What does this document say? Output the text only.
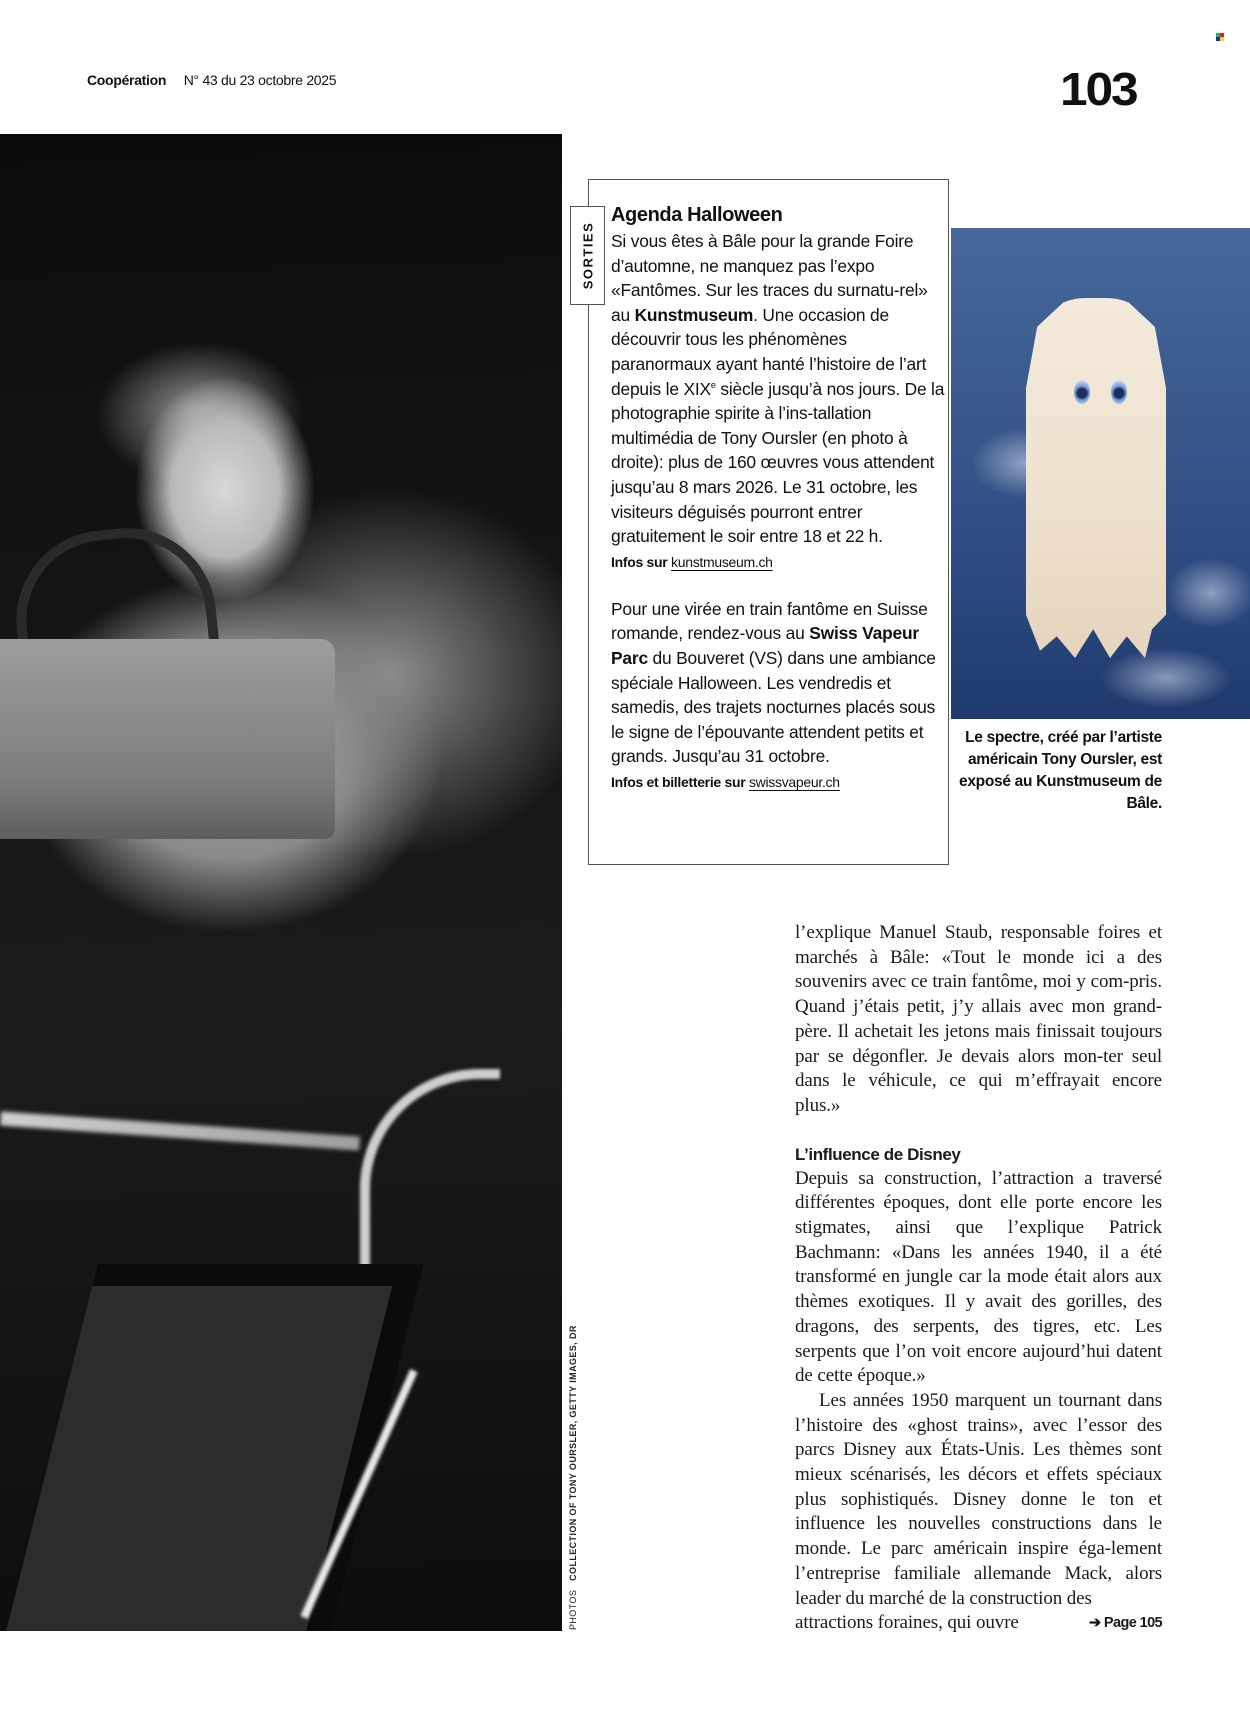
Coopération N° 43 du 23 octobre 2025	103
PHOTOS COLLECTION OF TONY OURSLER, GETTY IMAGES, DR
SORTIES
Agenda Halloween

Si vous êtes à Bâle pour la grande Foire d’automne, ne manquez pas l’expo «Fantômes. Sur les traces du surnatu-rel» au Kunstmuseum. Une occasion de découvrir tous les phénomènes paranormaux ayant hanté l’histoire de l’art depuis le XIXe siècle jusqu’à nos jours. De la photographie spirite à l’ins-tallation multimédia de Tony Oursler (en photo à droite): plus de 160 œuvres vous attendent jusqu’au 8 mars 2026. Le 31 octobre, les visiteurs déguisés pourront entrer gratuitement le soir entre 18 et 22 h.

Infos sur kunstmuseum.ch

Pour une virée en train fantôme en Suisse romande, rendez-vous au Swiss Vapeur Parc du Bouveret (VS) dans une ambiance spéciale Halloween. Les vendredis et samedis, des trajets nocturnes placés sous le signe de l’épouvante attendent petits et grands. Jusqu’au 31 octobre.

Infos et billetterie sur swissvapeur.ch
Le spectre, créé par l’artiste américain Tony Oursler, est exposé au Kunstmuseum de Bâle.

l’explique Manuel Staub, responsable foires et marchés à Bâle: «Tout le monde ici a des souvenirs avec ce train fantôme, moi y com-pris. Quand j’étais petit, j’y allais avec mon grand-père. Il achetait les jetons mais finissait toujours par se dégonfler. Je devais alors mon-ter seul dans le véhicule, ce qui m’effrayait encore plus.»

L’influence de Disney

Depuis sa construction, l’attraction a traversé différentes époques, dont elle porte encore les stigmates, ainsi que l’explique Patrick Bachmann: «Dans les années 1940, il a été transformé en jungle car la mode était alors aux thèmes exotiques. Il y avait des gorilles, des dragons, des serpents, des tigres, etc. Les serpents que l’on voit encore aujourd’hui datent de cette époque.»

Les années 1950 marquent un tournant dans l’histoire des «ghost trains», avec l’essor des parcs Disney aux États-Unis. Les thèmes sont mieux scénarisés, les décors et effets spéciaux plus sophistiqués. Disney donne le ton et influence les nouvelles constructions dans le monde. Le parc américain inspire éga-lement l’entreprise familiale allemande Mack, alors leader du marché de la construction des

attractions foraines, qui ouvre	➔ Page 105
